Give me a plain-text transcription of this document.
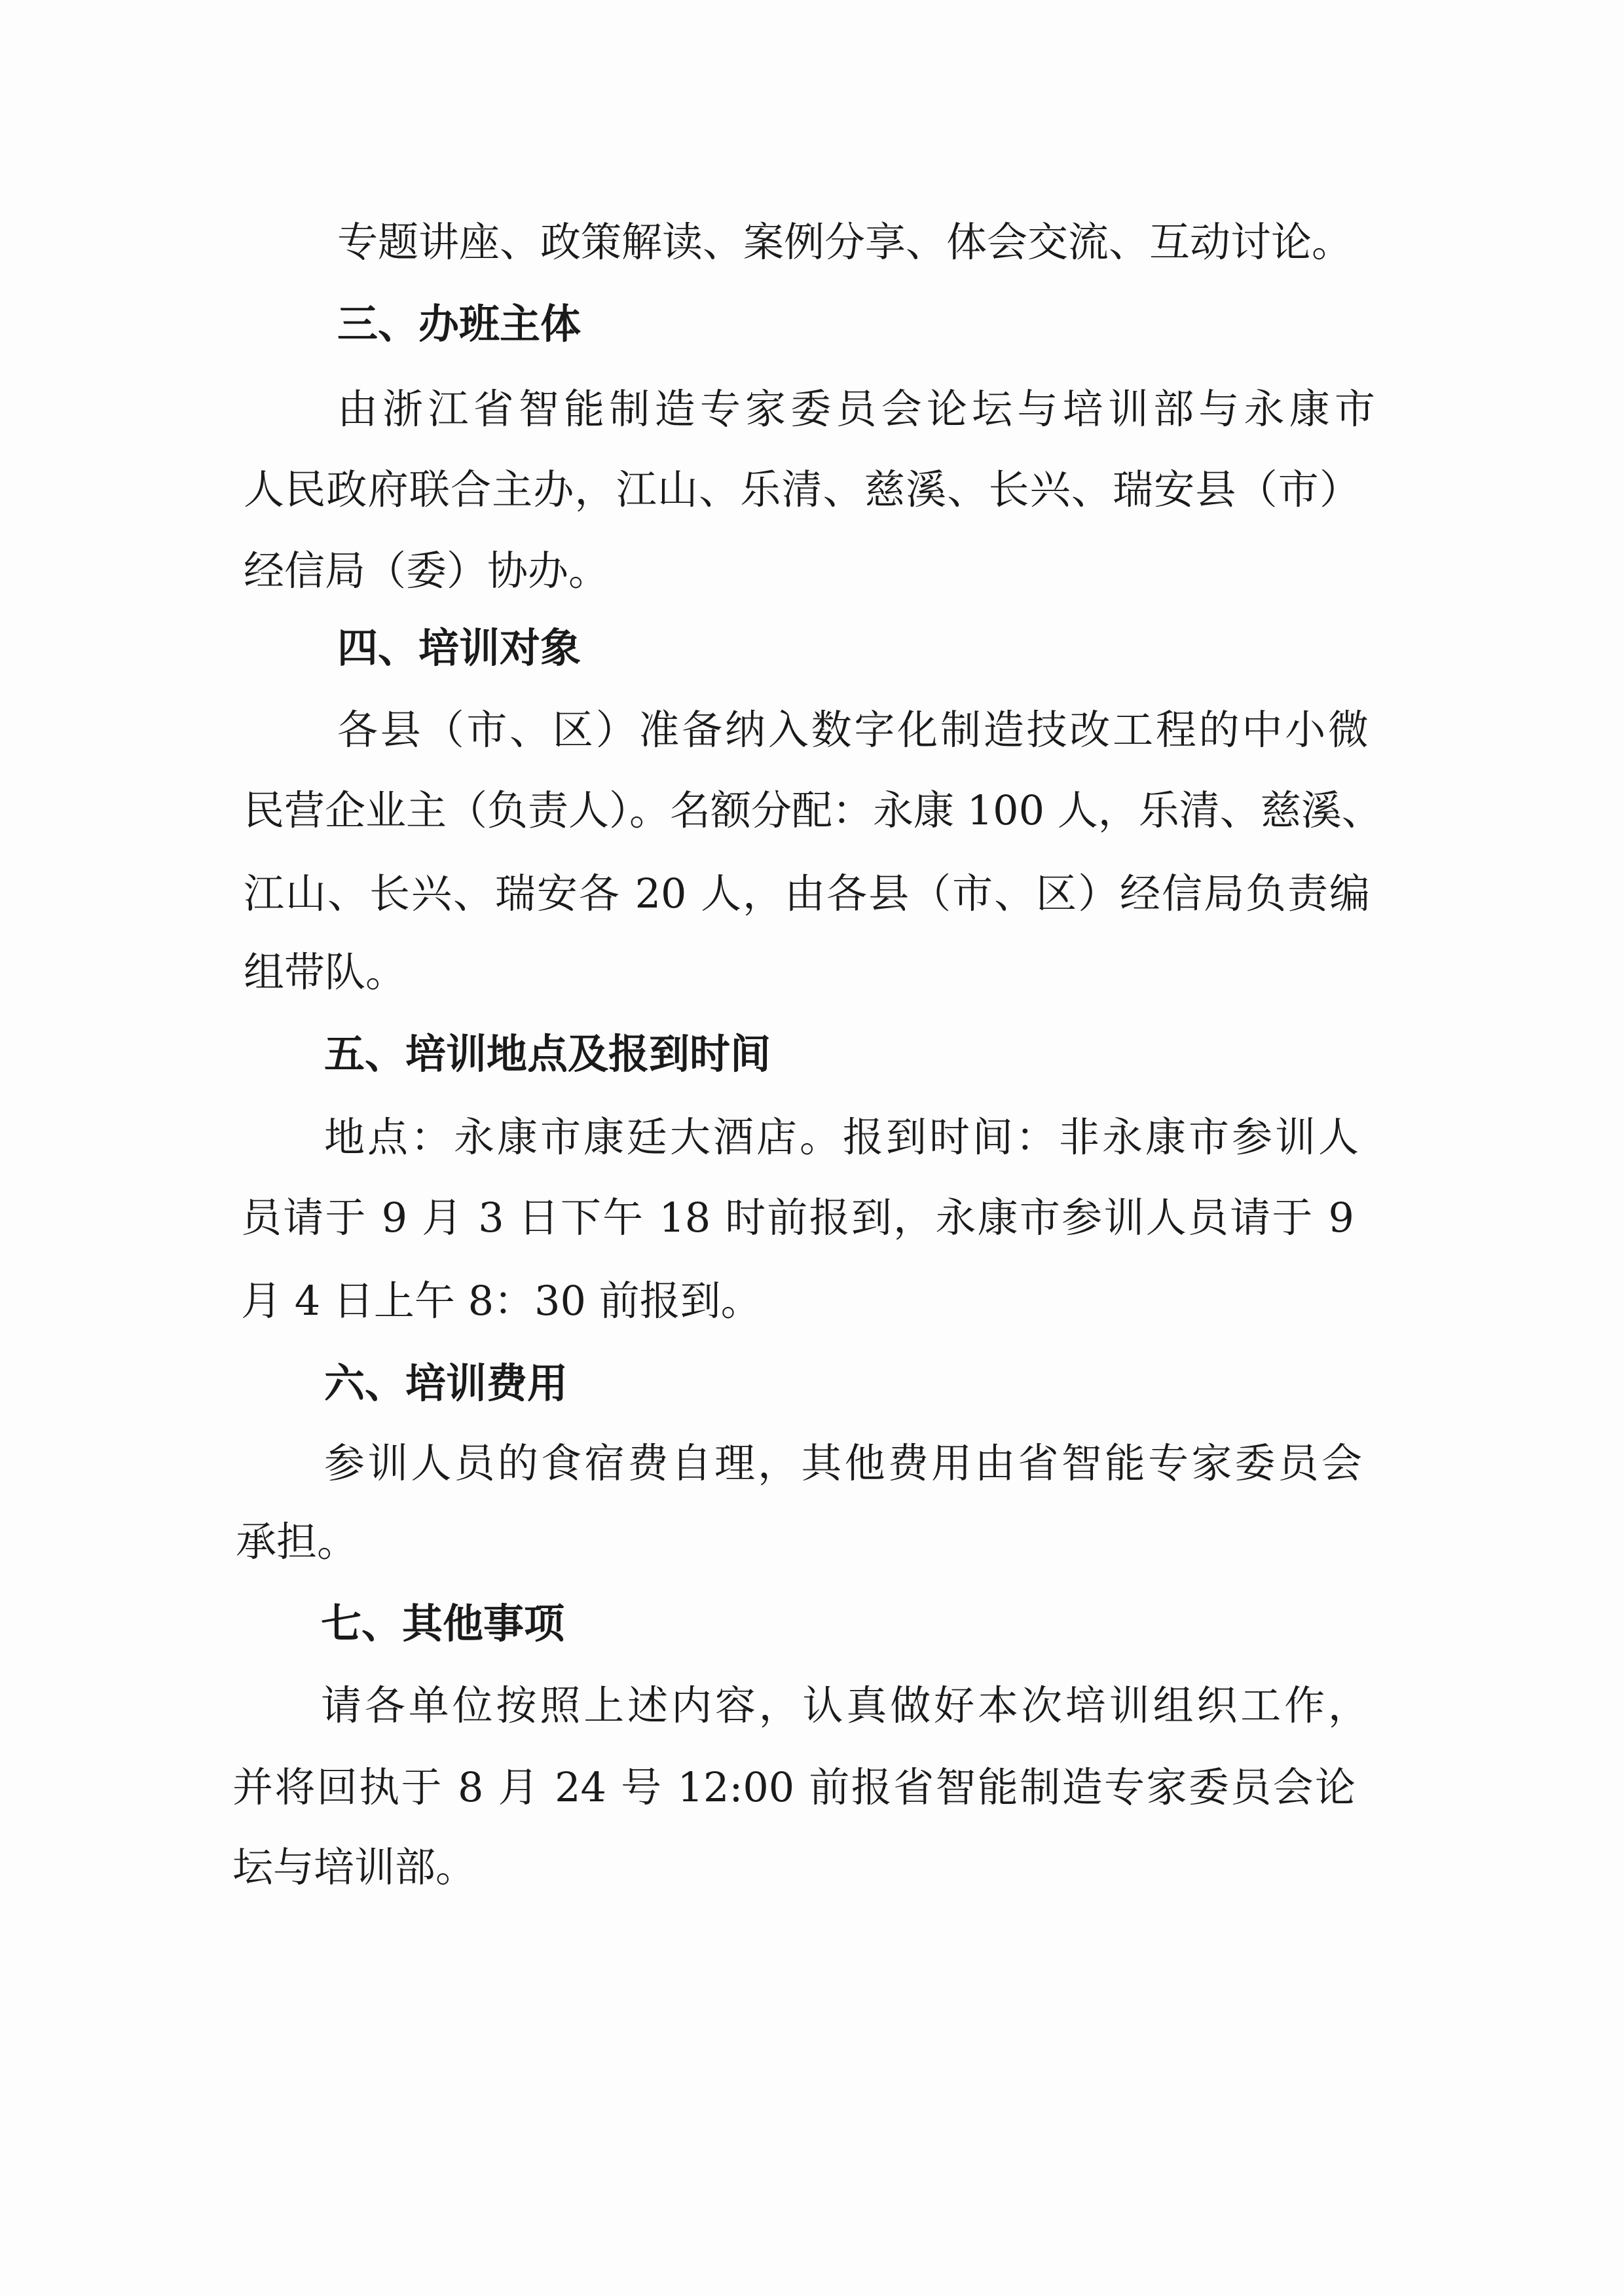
专题讲座、政策解读、案例分享、体会交流、互动讨论。
三、办班主体
由浙江省智能制造专家委员会论坛与培训部与永康市
人民政府联合主办，江山、乐清、慈溪、长兴、瑞安县（市）
经信局（委）协办。
四、培训对象
各县（市、区）准备纳入数字化制造技改工程的中小微
民营企业主（负责人）。名额分配：永康 100 人，乐清、慈溪、
江山、长兴、瑞安各 20 人，由各县（市、区）经信局负责编
组带队。
五、培训地点及报到时间
地点：永康市康廷大酒店。报到时间：非永康市参训人
员请于 9 月 3 日下午 18 时前报到，永康市参训人员请于 9
月 4 日上午 8：30 前报到。
六、培训费用
参训人员的食宿费自理，其他费用由省智能专家委员会
承担。
七、其他事项
请各单位按照上述内容，认真做好本次培训组织工作，
并将回执于 8 月 24 号 12:00 前报省智能制造专家委员会论
坛与培训部。
